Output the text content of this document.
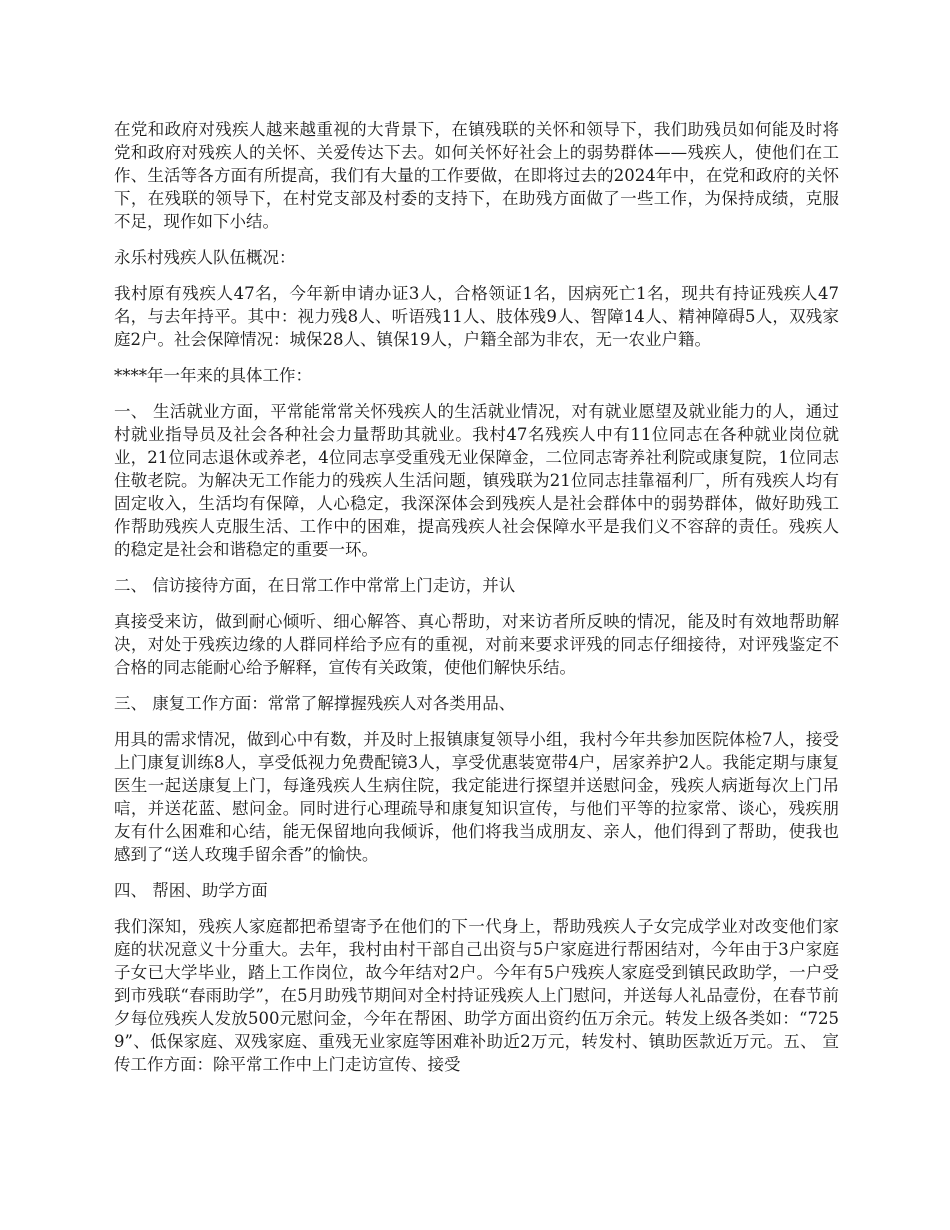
在党和政府对残疾人越来越重视的大背景下，在镇残联的关怀和领导下，我们助残员如何能及时将党和政府对残疾人的关怀、关爱传达下去。如何关怀好社会上的弱势群体——残疾人，使他们在工作、生活等各方面有所提高，我们有大量的工作要做，在即将过去的2024年中，在党和政府的关怀下，在残联的领导下，在村党支部及村委的支持下，在助残方面做了一些工作，为保持成绩，克服不足，现作如下小结。

永乐村残疾人队伍概况：

我村原有残疾人47名，今年新申请办证3人，合格领证1名，因病死亡1名，现共有持证残疾人47名，与去年持平。其中：视力残8人、听语残11人、肢体残9人、智障14人、精神障碍5人，双残家庭2户。社会保障情况：城保28人、镇保19人，户籍全部为非农，无一农业户籍。

****年一年来的具体工作：

一、 生活就业方面，平常能常常关怀残疾人的生活就业情况，对有就业愿望及就业能力的人，通过村就业指导员及社会各种社会力量帮助其就业。我村47名残疾人中有11位同志在各种就业岗位就业，21位同志退休或养老，4位同志享受重残无业保障金，二位同志寄养社利院或康复院，1位同志住敬老院。为解决无工作能力的残疾人生活问题，镇残联为21位同志挂靠福利厂，所有残疾人均有固定收入，生活均有保障，人心稳定，我深深体会到残疾人是社会群体中的弱势群体，做好助残工作帮助残疾人克服生活、工作中的困难，提高残疾人社会保障水平是我们义不容辞的责任。残疾人的稳定是社会和谐稳定的重要一环。

二、 信访接待方面，在日常工作中常常上门走访，并认

真接受来访，做到耐心倾听、细心解答、真心帮助，对来访者所反映的情况，能及时有效地帮助解决，对处于残疾边缘的人群同样给予应有的重视，对前来要求评残的同志仔细接待，对评残鉴定不合格的同志能耐心给予解释，宣传有关政策，使他们解快乐结。

三、 康复工作方面：常常了解撑握残疾人对各类用品、

用具的需求情况，做到心中有数，并及时上报镇康复领导小组，我村今年共参加医院体检7人，接受上门康复训练8人，享受低视力免费配镜3人，享受优惠装宽带4户，居家养护2人。我能定期与康复医生一起送康复上门，每逢残疾人生病住院，我定能进行探望并送慰问金，残疾人病逝每次上门吊唁，并送花蓝、慰问金。同时进行心理疏导和康复知识宣传，与他们平等的拉家常、谈心，残疾朋友有什么困难和心结，能无保留地向我倾诉，他们将我当成朋友、亲人，他们得到了帮助，使我也感到了“送人玫瑰手留余香”的愉快。

四、 帮困、助学方面

我们深知，残疾人家庭都把希望寄予在他们的下一代身上，帮助残疾人子女完成学业对改变他们家庭的状况意义十分重大。去年，我村由村干部自己出资与5户家庭进行帮困结对，今年由于3户家庭子女已大学毕业，踏上工作岗位，故今年结对2户。今年有5户残疾人家庭受到镇民政助学，一户受到市残联“春雨助学”，在5月助残节期间对全村持证残疾人上门慰问，并送每人礼品壹份，在春节前夕每位残疾人发放500元慰问金，今年在帮困、助学方面出资约伍万余元。转发上级各类如：“7259”、低保家庭、双残家庭、重残无业家庭等困难补助近2万元，转发村、镇助医款近万元。五、 宣传工作方面：除平常工作中上门走访宣传、接受
